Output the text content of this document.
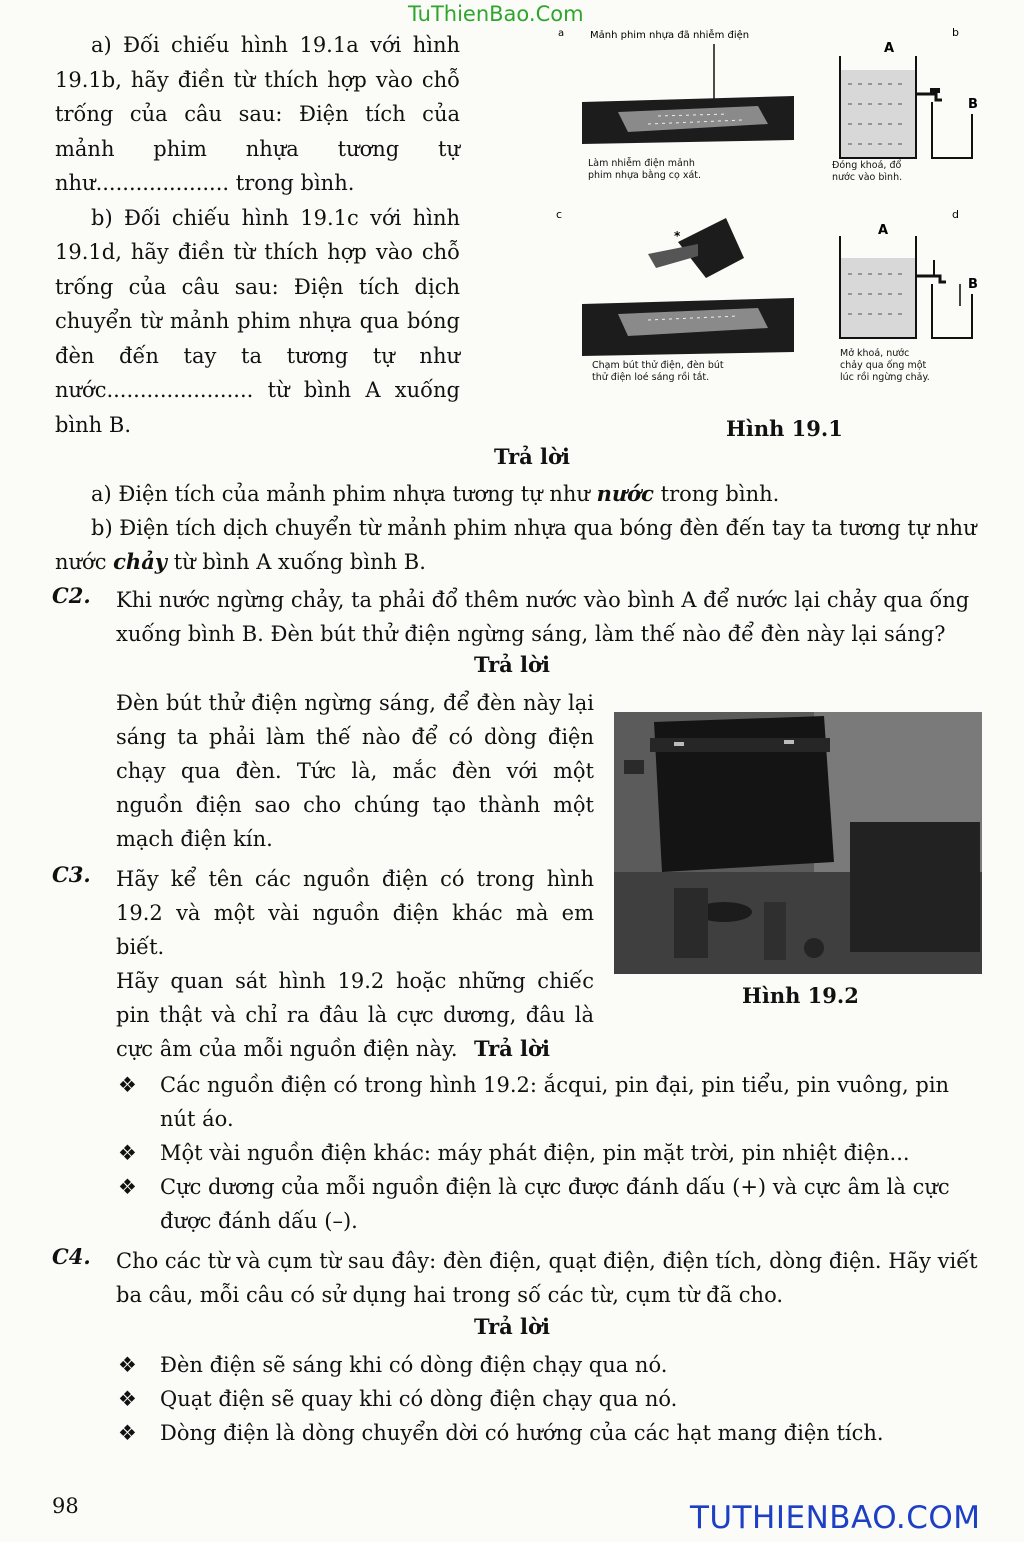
TuThienBao.Com

a) Đối chiếu hình 19.1a với hình 19.1b, hãy điền từ thích hợp vào chỗ trống của câu sau: Điện tích của mảnh phim nhựa tương tự như.................... trong bình.

b) Đối chiếu hình 19.1c với hình 19.1d, hãy điền từ thích hợp vào chỗ trống của câu sau: Điện tích dịch chuyển từ mảnh phim nhựa qua bóng đèn đến tay ta tương tự như nước...................... từ bình A xuống bình B.

a	Mảnh phim nhựa đã nhiễm điện	b
A
B
c
*
d
A
B
Làm nhiễm điện mảnh
phim nhựa bằng cọ xát.
Đóng khoá, đổ
nước vào bình.
Chạm bút thử điện, đèn bút
thử điện loé sáng rồi tắt.
Mở khoá, nước
chảy qua ống một
lúc rồi ngừng chảy.
Hình 19.1
Trả lời

a) Điện tích của mảnh phim nhựa tương tự như nước trong bình.

b) Điện tích dịch chuyển từ mảnh phim nhựa qua bóng đèn đến tay ta tương tự như nước chảy từ bình A xuống bình B.

C2. Khi nước ngừng chảy, ta phải đổ thêm nước vào bình A để nước lại chảy qua ống xuống bình B. Đèn bút thử điện ngừng sáng, làm thế nào để đèn này lại sáng?
Trả lời
Đèn bút thử điện ngừng sáng, để đèn này lại sáng ta phải làm thế nào để có dòng điện chạy qua đèn. Tức là, mắc đèn với một nguồn điện sao cho chúng tạo thành một mạch điện kín.
Hình 19.2
C3. Hãy kể tên các nguồn điện có trong hình 19.2 và một vài nguồn điện khác mà em biết.

Hãy quan sát hình 19.2 hoặc những chiếc pin thật và chỉ ra đâu là cực dương, đâu là cực âm của mỗi nguồn điện này. Trả lời
❖ Các nguồn điện có trong hình 19.2: ắcqui, pin đại, pin tiểu, pin vuông, pin nút áo.
❖ Một vài nguồn điện khác: máy phát điện, pin mặt trời, pin nhiệt điện...
❖ Cực dương của mỗi nguồn điện là cực được đánh dấu (+) và cực âm là cực được đánh dấu (–).
C4. Cho các từ và cụm từ sau đây: đèn điện, quạt điện, điện tích, dòng điện. Hãy viết ba câu, mỗi câu có sử dụng hai trong số các từ, cụm từ đã cho.
Trả lời
❖ Đèn điện sẽ sáng khi có dòng điện chạy qua nó.
❖ Quạt điện sẽ quay khi có dòng điện chạy qua nó.
❖ Dòng điện là dòng chuyển dời có hướng của các hạt mang điện tích.
98	TUTHIENBAO.COM
